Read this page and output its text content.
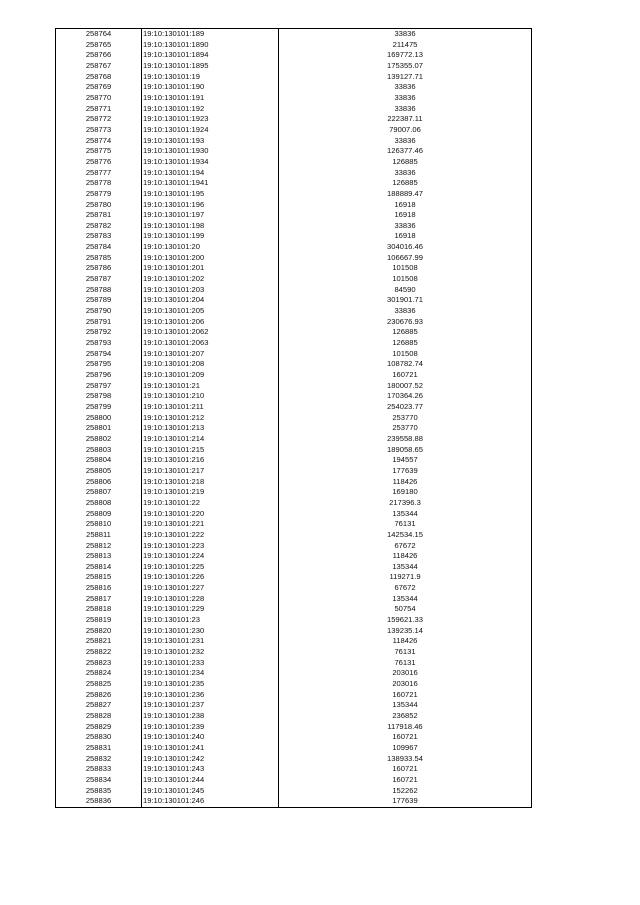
258764	19:10:130101:189	33836
258765	19:10:130101:1890	211475
258766	19:10:130101:1894	169772.13
258767	19:10:130101:1895	175355.07
258768	19:10:130101:19	139127.71
258769	19:10:130101:190	33836
258770	19:10:130101:191	33836
258771	19:10:130101:192	33836
258772	19:10:130101:1923	222387.11
258773	19:10:130101:1924	79007.06
258774	19:10:130101:193	33836
258775	19:10:130101:1930	126377.46
258776	19:10:130101:1934	126885
258777	19:10:130101:194	33836
258778	19:10:130101:1941	126885
258779	19:10:130101:195	188889.47
258780	19:10:130101:196	16918
258781	19:10:130101:197	16918
258782	19:10:130101:198	33836
258783	19:10:130101:199	16918
258784	19:10:130101:20	304016.46
258785	19:10:130101:200	106667.99
258786	19:10:130101:201	101508
258787	19:10:130101:202	101508
258788	19:10:130101:203	84590
258789	19:10:130101:204	301901.71
258790	19:10:130101:205	33836
258791	19:10:130101:206	230676.93
258792	19:10:130101:2062	126885
258793	19:10:130101:2063	126885
258794	19:10:130101:207	101508
258795	19:10:130101:208	108782.74
258796	19:10:130101:209	160721
258797	19:10:130101:21	180007.52
258798	19:10:130101:210	170364.26
258799	19:10:130101:211	254023.77
258800	19:10:130101:212	253770
258801	19:10:130101:213	253770
258802	19:10:130101:214	239558.88
258803	19:10:130101:215	189058.65
258804	19:10:130101:216	194557
258805	19:10:130101:217	177639
258806	19:10:130101:218	118426
258807	19:10:130101:219	169180
258808	19:10:130101:22	217396.3
258809	19:10:130101:220	135344
258810	19:10:130101:221	76131
258811	19:10:130101:222	142534.15
258812	19:10:130101:223	67672
258813	19:10:130101:224	118426
258814	19:10:130101:225	135344
258815	19:10:130101:226	119271.9
258816	19:10:130101:227	67672
258817	19:10:130101:228	135344
258818	19:10:130101:229	50754
258819	19:10:130101:23	159621.33
258820	19:10:130101:230	139235.14
258821	19:10:130101:231	118426
258822	19:10:130101:232	76131
258823	19:10:130101:233	76131
258824	19:10:130101:234	203016
258825	19:10:130101:235	203016
258826	19:10:130101:236	160721
258827	19:10:130101:237	135344
258828	19:10:130101:238	236852
258829	19:10:130101:239	117918.46
258830	19:10:130101:240	160721
258831	19:10:130101:241	109967
258832	19:10:130101:242	138933.54
258833	19:10:130101:243	160721
258834	19:10:130101:244	160721
258835	19:10:130101:245	152262
258836	19:10:130101:246	177639
